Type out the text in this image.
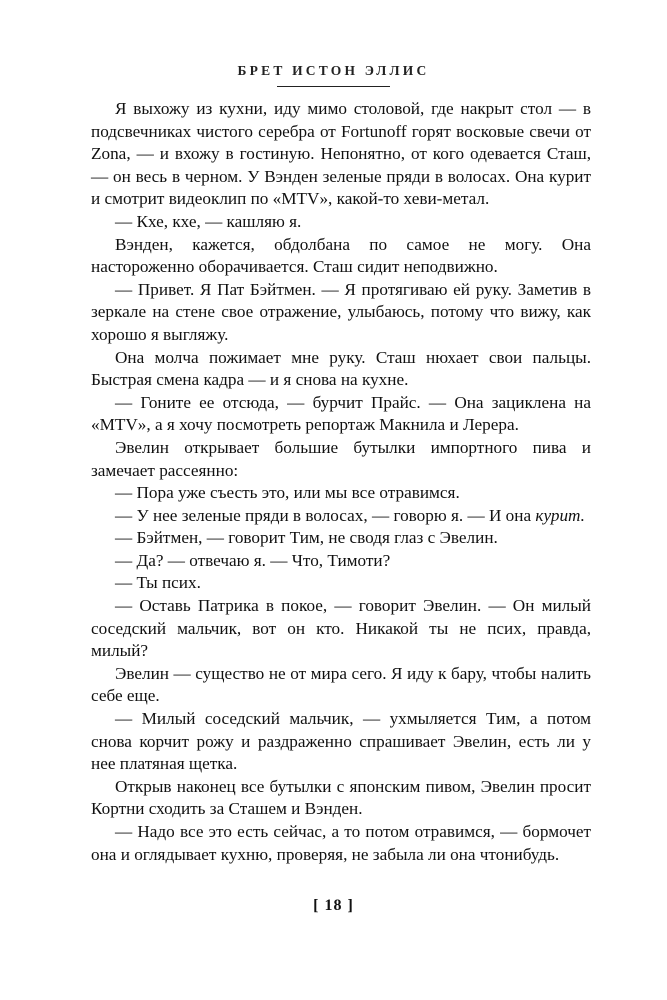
БРЕТ ИСТОН ЭЛЛИС

Я выхожу из кухни, иду мимо столовой, где накрыт стол — в подсвечниках чистого серебра от Fortunoff горят восковые свечи от Zona, — и вхожу в гостиную. Непонятно, от кого одевается Сташ, — он весь в черном. У Вэнден зеленые пряди в волосах. Она курит и смотрит видеоклип по «MTV», какой-то хеви-метал.

— Кхе, кхе, — кашляю я.

Вэнден, кажется, обдолбана по самое не могу. Она настороженно оборачивается. Сташ сидит неподвижно.

— Привет. Я Пат Бэйтмен. — Я протягиваю ей руку. Заметив в зеркале на стене свое отражение, улыбаюсь, потому что вижу, как хорошо я выгляжу.

Она молча пожимает мне руку. Сташ нюхает свои пальцы. Быстрая смена кадра — и я снова на кухне.

— Гоните ее отсюда, — бурчит Прайс. — Она зациклена на «MTV», а я хочу посмотреть репортаж Макнила и Лерера.

Эвелин открывает большие бутылки импортного пива и замечает рассеянно:

— Пора уже съесть это, или мы все отравимся.

— У нее зеленые пряди в волосах, — говорю я. — И она курит.

— Бэйтмен, — говорит Тим, не сводя глаз с Эвелин.

— Да? — отвечаю я. — Что, Тимоти?

— Ты псих.

— Оставь Патрика в покое, — говорит Эвелин. — Он милый соседский мальчик, вот он кто. Никакой ты не псих, правда, милый?

Эвелин — существо не от мира сего. Я иду к бару, чтобы налить себе еще.

— Милый соседский мальчик, — ухмыляется Тим, а потом снова корчит рожу и раздраженно спрашивает Эвелин, есть ли у нее платяная щетка.

Открыв наконец все бутылки с японским пивом, Эвелин просит Кортни сходить за Сташем и Вэнден.

— Надо все это есть сейчас, а то потом отравимся, — бормочет она и оглядывает кухню, проверяя, не забыла ли она чтонибудь.

[ 18 ]
